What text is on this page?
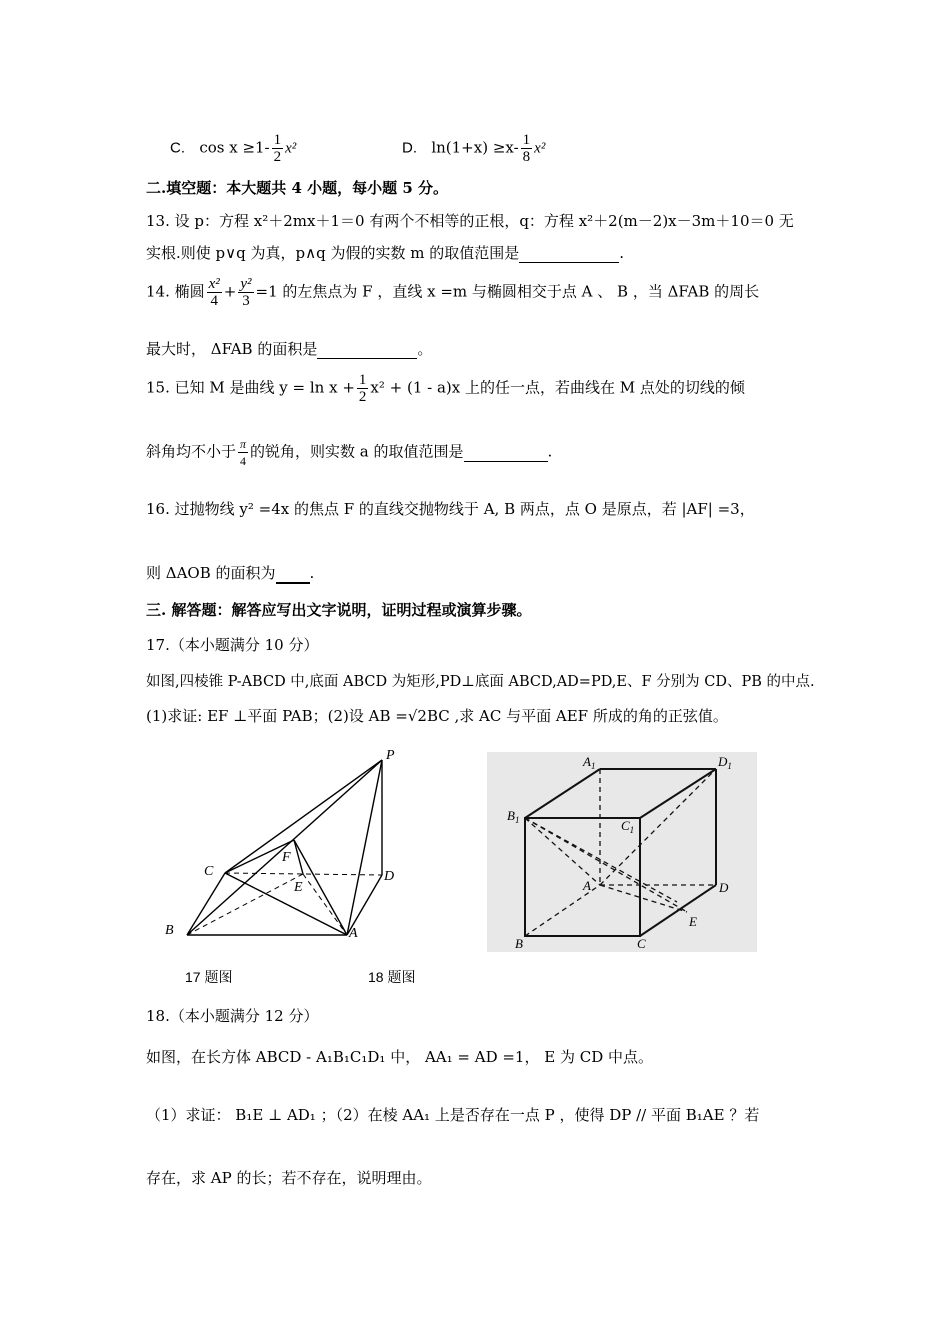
C. $\cos x \ge 1- \frac{1}{2} x^2$	D. $\ln(1+x) \ge x- \frac{1}{8} x^2$
二.填空题：本大题共 4 小题，每小题 5 分。
13. 设 p：方程 x²＋2mx＋1＝0 有两个不相等的正根，q：方程 x²＋2(m－2)x－3m＋10＝0 无
实根.则使 p∨q 为真，p∧q 为假的实数 m 的取值范围是	.
14. 椭圆 $\frac{\text{x²}}{4} + \frac{\text{y²}}{3} =1$ 的左焦点为 F ，直线 x =m 与椭圆相交于点 A 、 B ，当 ΔFAB 的周长
最大时， ΔFAB 的面积是	。
15. 已知 M 是曲线 $y = \ln x + \frac{1}{2} x^2 + (1 - a)x$ 上的任一点，若曲线在 M 点处的切线的倾
斜角均不小于 $\frac{\pi}{4}$ 的锐角，则实数 a 的取值范围是	.
16. 过抛物线 y² =4x 的焦点 F 的直线交抛物线于 A, B 两点，点 O 是原点，若 |AF| =3，
则 ΔAOB 的面积为 .
三. 解答题：解答应写出文字说明，证明过程或演算步骤。
17.（本小题满分 10 分）
如图,四棱锥 P-ABCD 中,底面 ABCD 为矩形,PD⊥底面 ABCD,AD=PD,E、F 分别为 CD、PB 的中点.
(1)求证: EF ⊥平面 PAB；(2)设 AB =√2BC ,求 AC 与平面 AEF 所成的角的正弦值。
P
F
C
E
D
B	A
$A_1$	$D_1$
$B_1$	$C_1$
A	D
E
B	C
17 题图	18 题图
18.（本小题满分 12 分）
如图，在长方体 ABCD - A₁B₁C₁D₁ 中， AA₁ = AD =1， E 为 CD 中点。
（1）求证： B₁E ⊥ AD₁ ；（2）在棱 AA₁ 上是否存在一点 P ，使得 DP // 平面 B₁AE ？若
存在，求 AP 的长；若不存在，说明理由。
